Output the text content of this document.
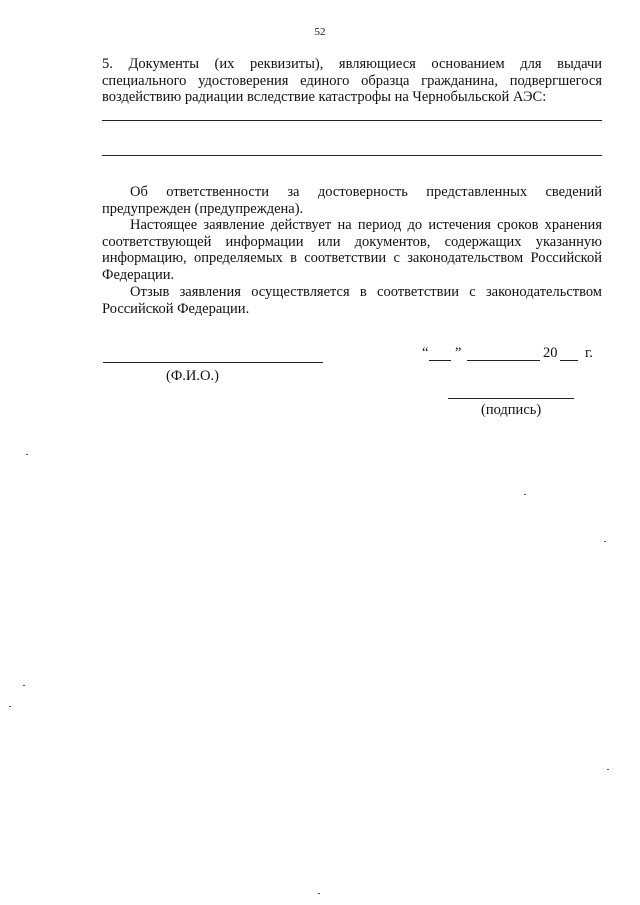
52

5. Документы (их реквизиты), являющиеся основанием для выдачи специального удостоверения единого образца гражданина, подвергшегося воздействию радиации вследствие катастрофы на Чернобыльской АЭС:

Об ответственности за достоверность представленных сведений предупрежден (предупреждена).

Настоящее заявление действует на период до истечения сроков хранения соответствующей информации или документов, содержащих указанную информацию, определяемых в соответствии с законодательством Российской Федерации.

Отзыв заявления осуществляется в соответствии с законодательством Российской Федерации.

(Ф.И.О.)
“ ”	20 г.
(подпись)
